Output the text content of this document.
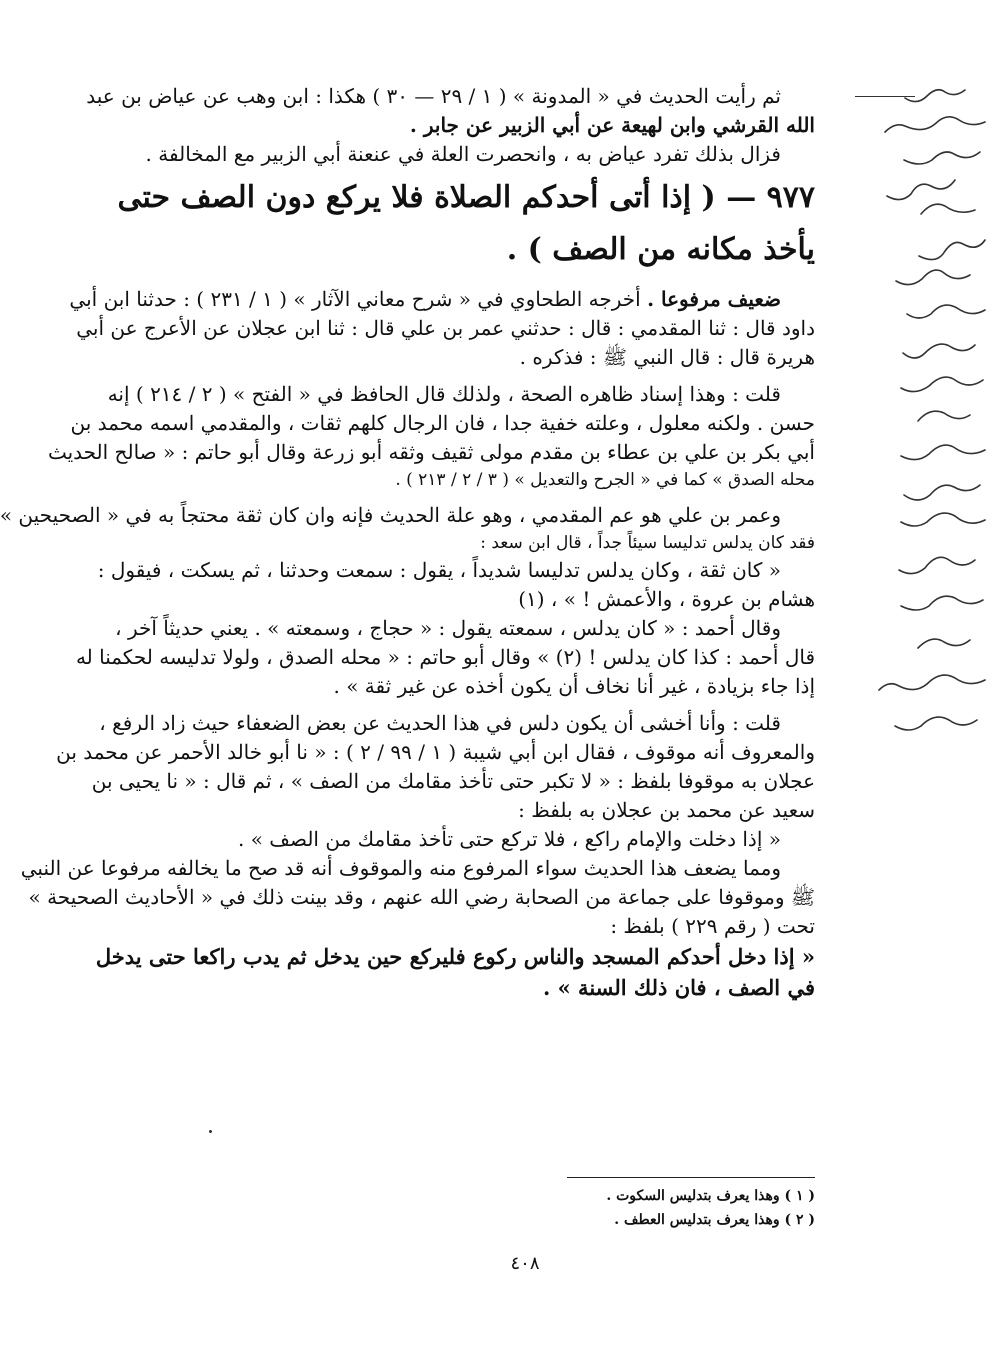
ثم رأيت الحديث في « المدونة » ( ١ / ٢٩ — ٣٠ ) هكذا : ابن وهب عن عياض بن عبد

الله القرشي وابن لهيعة عن أبي الزبير عن جابر .

فزال بذلك تفرد عياض به ، وانحصرت العلة في عنعنة أبي الزبير مع المخالفة .

٩٧٧ — ( إذا أتى أحدكم الصلاة فلا يركع دون الصف حتى
يأخذ مكانه من الصف ) .

ضعيف مرفوعا . أخرجه الطحاوي في « شرح معاني الآثار » ( ١ / ٢٣١ ) : حدثنا ابن أبي

داود قال : ثنا المقدمي : قال : حدثني عمر بن علي قال : ثنا ابن عجلان عن الأعرج عن أبي

هريرة قال : قال النبي ﷺ : فذكره .

قلت : وهذا إسناد ظاهره الصحة ، ولذلك قال الحافظ في « الفتح » ( ٢ / ٢١٤ ) إنه

حسن . ولكنه معلول ، وعلته خفية جدا ، فان الرجال كلهم ثقات ، والمقدمي اسمه محمد بن

أبي بكر بن علي بن عطاء بن مقدم مولى ثقيف وثقه أبو زرعة وقال أبو حاتم : « صالح الحديث

محله الصدق » كما في « الجرح والتعديل » ( ٣ / ٢ / ٢١٣ ) .

وعمر بن علي هو عم المقدمي ، وهو علة الحديث فإنه وان كان ثقة محتجاً به في « الصحيحين »

فقد كان يدلس تدليسا سيئاً جداً ، قال ابن سعد :

« كان ثقة ، وكان يدلس تدليسا شديداً ، يقول : سمعت وحدثنا ، ثم يسكت ، فيقول :

هشام بن عروة ، والأعمش ! » ، (١)

وقال أحمد : « كان يدلس ، سمعته يقول : « حجاج ، وسمعته » . يعني حديثاً آخر ،

قال أحمد : كذا كان يدلس ! (٢) » وقال أبو حاتم : « محله الصدق ، ولولا تدليسه لحكمنا له

إذا جاء بزيادة ، غير أنا نخاف أن يكون أخذه عن غير ثقة » .

قلت : وأنا أخشى أن يكون دلس في هذا الحديث عن بعض الضعفاء حيث زاد الرفع ،

والمعروف أنه موقوف ، فقال ابن أبي شيبة ( ١ / ٩٩ / ٢ ) : « نا أبو خالد الأحمر عن محمد بن

عجلان به موقوفا بلفظ : « لا تكبر حتى تأخذ مقامك من الصف » ، ثم قال : « نا يحيى بن

سعيد عن محمد بن عجلان به بلفظ :

« إذا دخلت والإمام راكع ، فلا تركع حتى تأخذ مقامك من الصف » .

ومما يضعف هذا الحديث سواء المرفوع منه والموقوف أنه قد صح ما يخالفه مرفوعا عن النبي

ﷺ وموقوفا على جماعة من الصحابة رضي الله عنهم ، وقد بينت ذلك في « الأحاديث الصحيحة »

تحت ( رقم ٢٢٩ ) بلفظ :

« إذا دخل أحدكم المسجد والناس ركوع فليركع حين يدخل ثم يدب راكعا حتى يدخل
في الصف ، فان ذلك السنة » .
( ١ ) وهذا يعرف بتدليس السكوت .
( ٢ ) وهذا يعرف بتدليس العطف .
٤٠٨
